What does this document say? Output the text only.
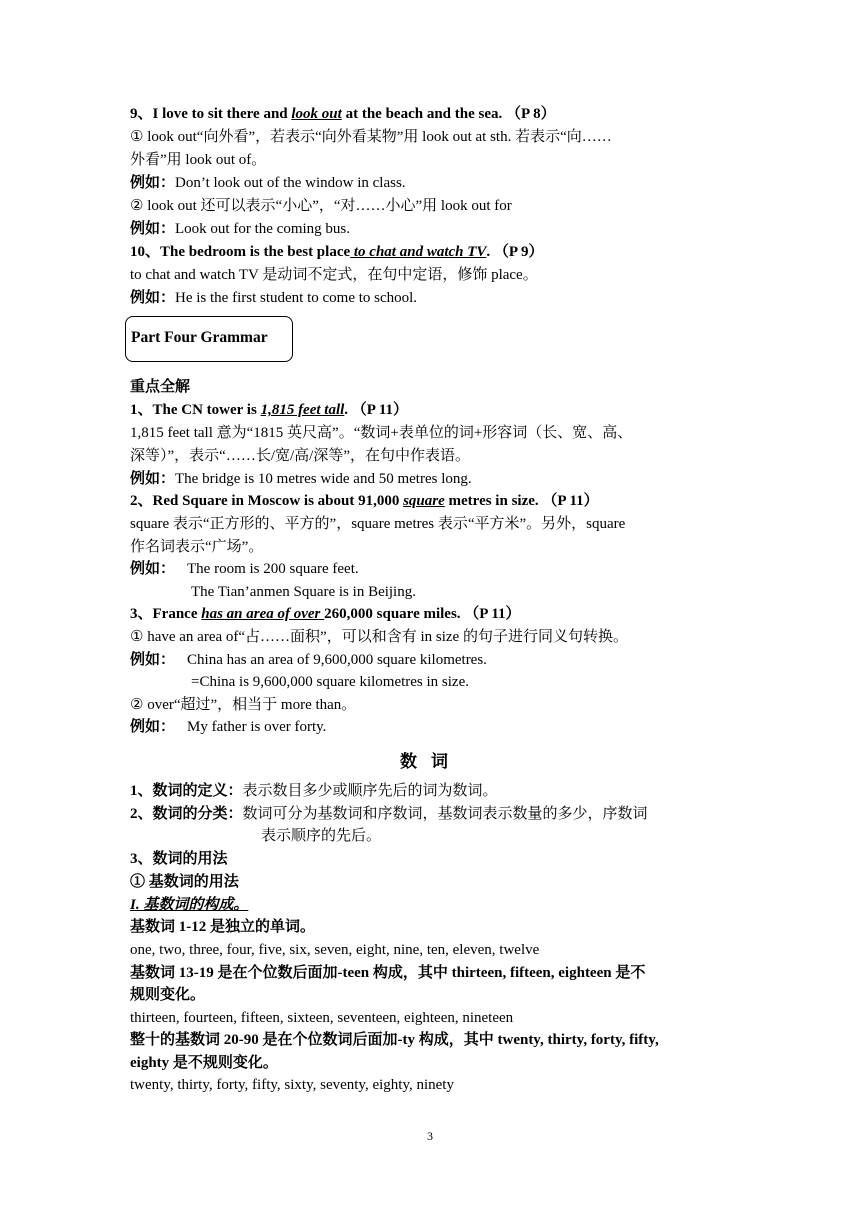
9、I love to sit there and look out at the beach and the sea. （P 8）
① look out“向外看”，若表示“向外看某物”用 look out at sth. 若表示“向……
外看”用 look out of。
例如：Don’t look out of the window in class.
② look out 还可以表示“小心”，“对……小心”用 look out for
例如：Look out for the coming bus.
10、The bedroom is the best place to chat and watch TV. （P 9）
to chat and watch TV 是动词不定式，在句中定语，修饰 place。
例如：He is the first student to come to school.
Part Four Grammar
重点全解
1、The CN tower is 1,815 feet tall. （P 11）
1,815 feet tall 意为“1815 英尺高”。“数词+表单位的词+形容词（长、宽、高、
深等）”，表示“……长/宽/高/深等”，在句中作表语。
例如：The bridge is 10 metres wide and 50 metres long.
2、Red Square in Moscow is about 91,000 square metres in size. （P 11）
square 表示“正方形的、平方的”，square metres 表示“平方米”。另外，square
作名词表示“广场”。
例如： The room is 200 square feet.
The Tian’anmen Square is in Beijing.
3、France has an area of over 260,000 square miles. （P 11）
① have an area of“占……面积”，可以和含有 in size 的句子进行同义句转换。
例如： China has an area of 9,600,000 square kilometres.
=China is 9,600,000 square kilometres in size.
② over“超过”，相当于 more than。
例如： My father is over forty.
数词
1、数词的定义：表示数目多少或顺序先后的词为数词。
2、数词的分类：数词可分为基数词和序数词，基数词表示数量的多少，序数词
表示顺序的先后。
3、数词的用法
① 基数词的用法
I. 基数词的构成。
基数词 1-12 是独立的单词。
one, two, three, four, five, six, seven, eight, nine, ten, eleven, twelve
基数词 13-19 是在个位数后面加-teen 构成，其中 thirteen, fifteen, eighteen 是不
规则变化。
thirteen, fourteen, fifteen, sixteen, seventeen, eighteen, nineteen
整十的基数词 20-90 是在个位数词后面加-ty 构成，其中 twenty, thirty, forty, fifty,
eighty 是不规则变化。
twenty, thirty, forty, fifty, sixty, seventy, eighty, ninety
3
